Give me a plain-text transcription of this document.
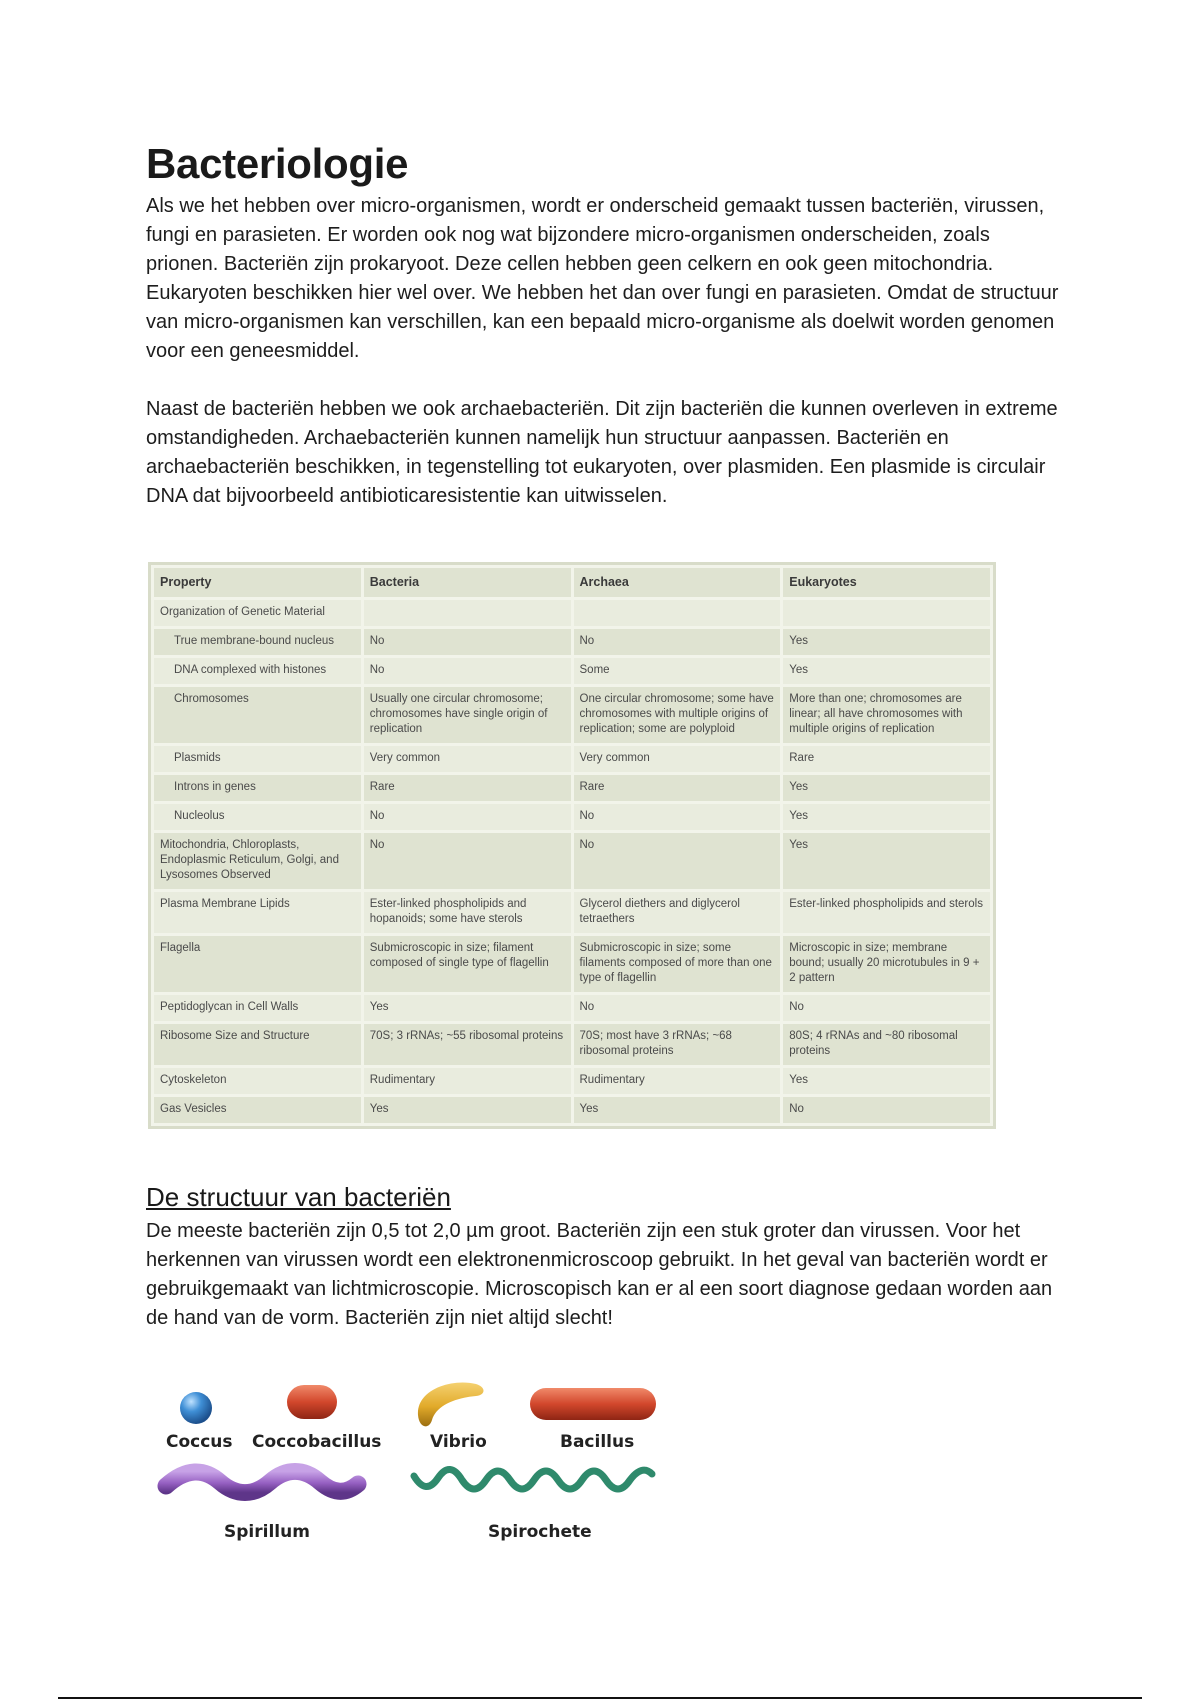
Bacteriologie

Als we het hebben over micro-organismen, wordt er onderscheid gemaakt tussen bacteriën, virussen, fungi en parasieten. Er worden ook nog wat bijzondere micro-organismen onderscheiden, zoals prionen. Bacteriën zijn prokaryoot. Deze cellen hebben geen celkern en ook geen mitochondria. Eukaryoten beschikken hier wel over. We hebben het dan over fungi en parasieten. Omdat de structuur van micro-organismen kan verschillen, kan een bepaald micro-organisme als doelwit worden genomen voor een geneesmiddel.

Naast de bacteriën hebben we ook archaebacteriën. Dit zijn bacteriën die kunnen overleven in extreme omstandigheden. Archaebacteriën kunnen namelijk hun structuur aanpassen. Bacteriën en archaebacteriën beschikken, in tegenstelling tot eukaryoten, over plasmiden. Een plasmide is circulair DNA dat bijvoorbeeld antibioticaresistentie kan uitwisselen.

Property	Bacteria	Archaea	Eukaryotes
Organization of Genetic Material			
True membrane-bound nucleus	No	No	Yes
DNA complexed with histones	No	Some	Yes
Chromosomes	Usually one circular chromosome; chromosomes have single origin of replication	One circular chromosome; some have chromosomes with multiple origins of replication; some are polyploid	More than one; chromosomes are linear; all have chromosomes with multiple origins of replication
Plasmids	Very common	Very common	Rare
Introns in genes	Rare	Rare	Yes
Nucleolus	No	No	Yes
Mitochondria, Chloroplasts, Endoplasmic Reticulum, Golgi, and Lysosomes Observed	No	No	Yes
Plasma Membrane Lipids	Ester-linked phospholipids and hopanoids; some have sterols	Glycerol diethers and diglycerol tetraethers	Ester-linked phospholipids and sterols
Flagella	Submicroscopic in size; filament composed of single type of flagellin	Submicroscopic in size; some filaments composed of more than one type of flagellin	Microscopic in size; membrane bound; usually 20 microtubules in 9 + 2 pattern
Peptidoglycan in Cell Walls	Yes	No	No
Ribosome Size and Structure	70S; 3 rRNAs; ~55 ribosomal proteins	70S; most have 3 rRNAs; ~68 ribosomal proteins	80S; 4 rRNAs and ~80 ribosomal proteins
Cytoskeleton	Rudimentary	Rudimentary	Yes
Gas Vesicles	Yes	Yes	No
De structuur van bacteriën

De meeste bacteriën zijn 0,5 tot 2,0 µm groot. Bacteriën zijn een stuk groter dan virussen. Voor het herkennen van virussen wordt een elektronenmicroscoop gebruikt. In het geval van bacteriën wordt er gebruikgemaakt van lichtmicroscopie. Microscopisch kan er al een soort diagnose gedaan worden aan de hand van de vorm. Bacteriën zijn niet altijd slecht!

Coccus Coccobacillus	Vibrio	Bacillus
Spirillum	Spirochete
